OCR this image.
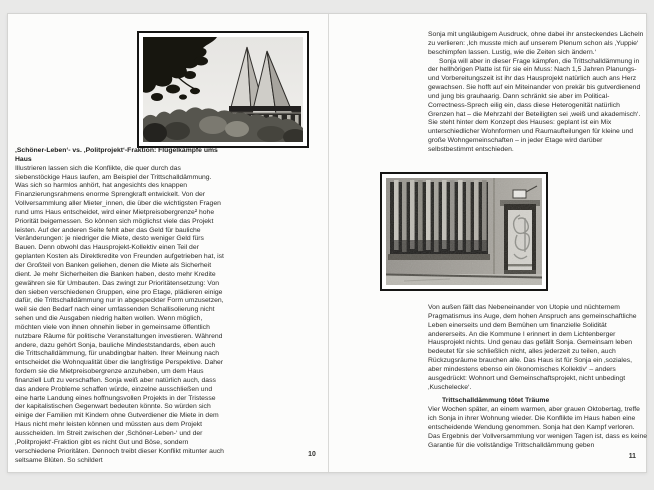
‚Schöner-Leben‘- vs. ‚Politprojekt‘-Fraktion: Flügelkämpfe ums Haus

Illustrieren lassen sich die Konflikte, die quer durch das siebenstöckige Haus laufen, am Beispiel der Trittschalldämmung. Was sich so harmlos anhört, hat angesichts des knappen Finanzierungsrahmens enorme Sprengkraft entwickelt. Von der Vollversammlung aller Mieter_innen, die über die wichtigsten Fragen rund ums Haus entscheidet, wird einer Mietpreisobergrenze² hohe Priorität beigemessen. So können sich möglichst viele das Projekt leisten. Auf der anderen Seite fehlt aber das Geld für bauliche Veränderungen: je niedriger die Miete, desto weniger Geld fürs Bauen. Denn obwohl das Hausprojekt-Kollektiv einen Teil der geplanten Kosten als Direktkredite von Freunden aufgetrieben hat, ist der Großteil von Banken geliehen, denen die Miete als Sicherheit dient. Je mehr Sicherheiten die Banken haben, desto mehr Kredite gewähren sie für Umbauten. Das zwingt zur Prioritätensetzung: Von den sieben verschiedenen Gruppen, eine pro Etage, plädieren einige dafür, die Trittschalldämmung nur in abgespeckter Form umzusetzen, weil sie den Bedarf nach einer umfassenden Schallisolierung nicht sehen und die Ausgaben niedrig halten wollen. Wenn möglich, möchten viele von ihnen ohnehin lieber in gemeinsame öffentlich nutzbare Räume für politische Veranstaltungen investieren. Während andere, dazu gehört Sonja, bauliche Mindeststandards, eben auch die Trittschalldämmung, für unabdingbar halten. Ihrer Meinung nach entscheidet die Wohnqualität über die langfristige Perspektive. Daher fordern sie die Mietpreisobergrenze anzuheben, um dem Haus finanziell Luft zu verschaffen. Sonja weiß aber natürlich auch, dass das andere Probleme schaffen würde, einzelne ausschließen und eine harte Landung eines hoffnungsvollen Projekts in der Tristesse der kapitalistischen Gegenwart bedeuten könnte. So würden sich einige der Familien mit Kindern ohne Gutverdiener die Miete in dem Haus nicht mehr leisten können und müssten aus dem Projekt ausscheiden. Im Streit zwischen der ‚Schöner-Leben-‘ und der ‚Politprojekt‘-Fraktion gibt es nicht Gut und Böse, sondern verschiedene Prioritäten. Dennoch treibt dieser Konflikt mitunter auch seltsame Blüten. So schildert

10

Sonja mit ungläubigem Ausdruck, ohne dabei ihr ansteckendes Lächeln zu verlieren: ‚Ich musste mich auf unserem Plenum schon als ‚Yuppie‘ beschimpfen lassen. Lustig, wie die Zeiten sich ändern.‘

Sonja will aber in dieser Frage kämpfen, die Trittschalldämmung in der hellhörigen Platte ist für sie ein Muss: Nach 1,5 Jahren Planungs- und Vorbereitungszeit ist ihr das Hausprojekt natürlich auch ans Herz gewachsen. Sie hofft auf ein Miteinander von prekär bis gutverdienend und jung bis grauhaarig. Dann schränkt sie aber im Political-Correctness-Sprech eilig ein, dass diese Heterogenität natürlich Grenzen hat – die Mehrzahl der Beteiligten sei ‚weiß und akademisch‘. Sie steht hinter dem Konzept des Hauses: geplant ist ein Mix unterschiedlicher Wohnformen und Raumaufteilungen für kleine und große Wohngemeinschaften – in jeder Etage wird darüber selbstbestimmt entschieden.

Von außen fällt das Nebeneinander von Utopie und nüchternem Pragmatismus ins Auge, dem hohen Anspruch ans gemeinschaftliche Leben einerseits und dem Bemühen um finanzielle Solidität andererseits. An die Kommune I erinnert in dem Lichtenberger Hausprojekt nichts. Und genau das gefällt Sonja. Gemeinsam leben bedeutet für sie schließlich nicht, alles jederzeit zu teilen, auch Rückzugsräume brauchen alle. Das Haus ist für Sonja ein ‚soziales, aber mindestens ebenso ein ökonomisches Kollektiv‘ – anders ausgedrückt: Wohnort und Gemeinschaftsprojekt, nicht unbedingt ‚Kuschelecke‘.

Trittschalldämmung tötet Träume

Vier Wochen später, an einem warmen, aber grauen Oktobertag, treffe ich Sonja in ihrer Wohnung wieder. Die Konflikte im Haus haben eine entscheidende Wendung genommen. Sonja hat den Kampf verloren. Das Ergebnis der Vollversammlung vor wenigen Tagen ist, dass es keine Garantie für die vollständige Trittschalldämmung geben

11
